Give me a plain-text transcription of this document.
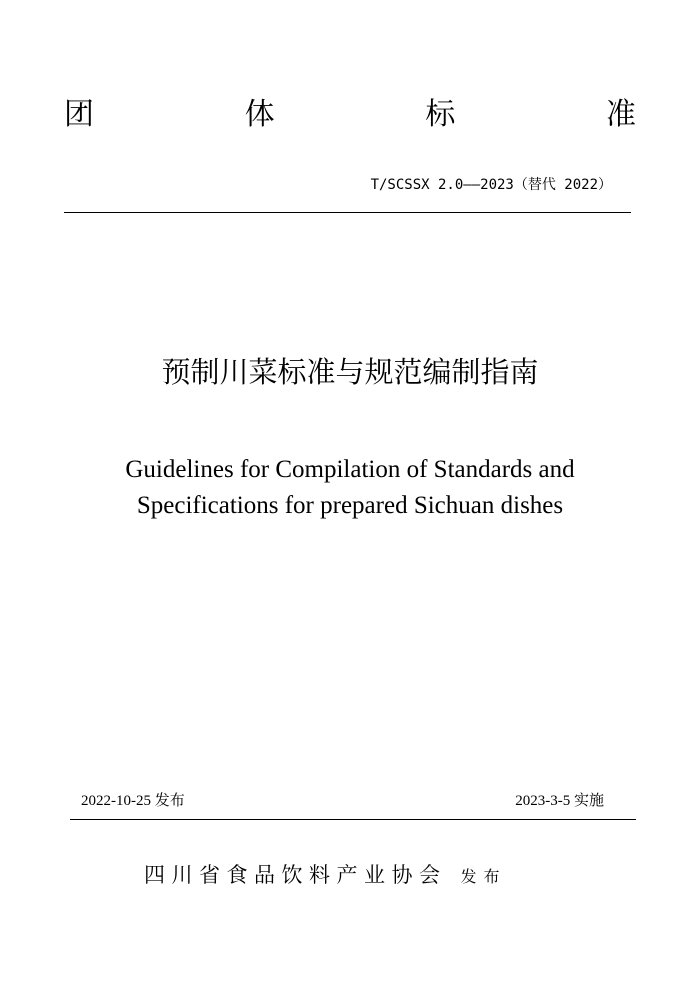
团	体	标	准
T/SCSSX 2.0——2023（替代 2022）
预制川菜标准与规范编制指南
Guidelines for Compilation of Standards and
Specifications for prepared Sichuan dishes
2022-10-25 发布	2023-3-5 实施
四川省食品饮料产业协会 发布
